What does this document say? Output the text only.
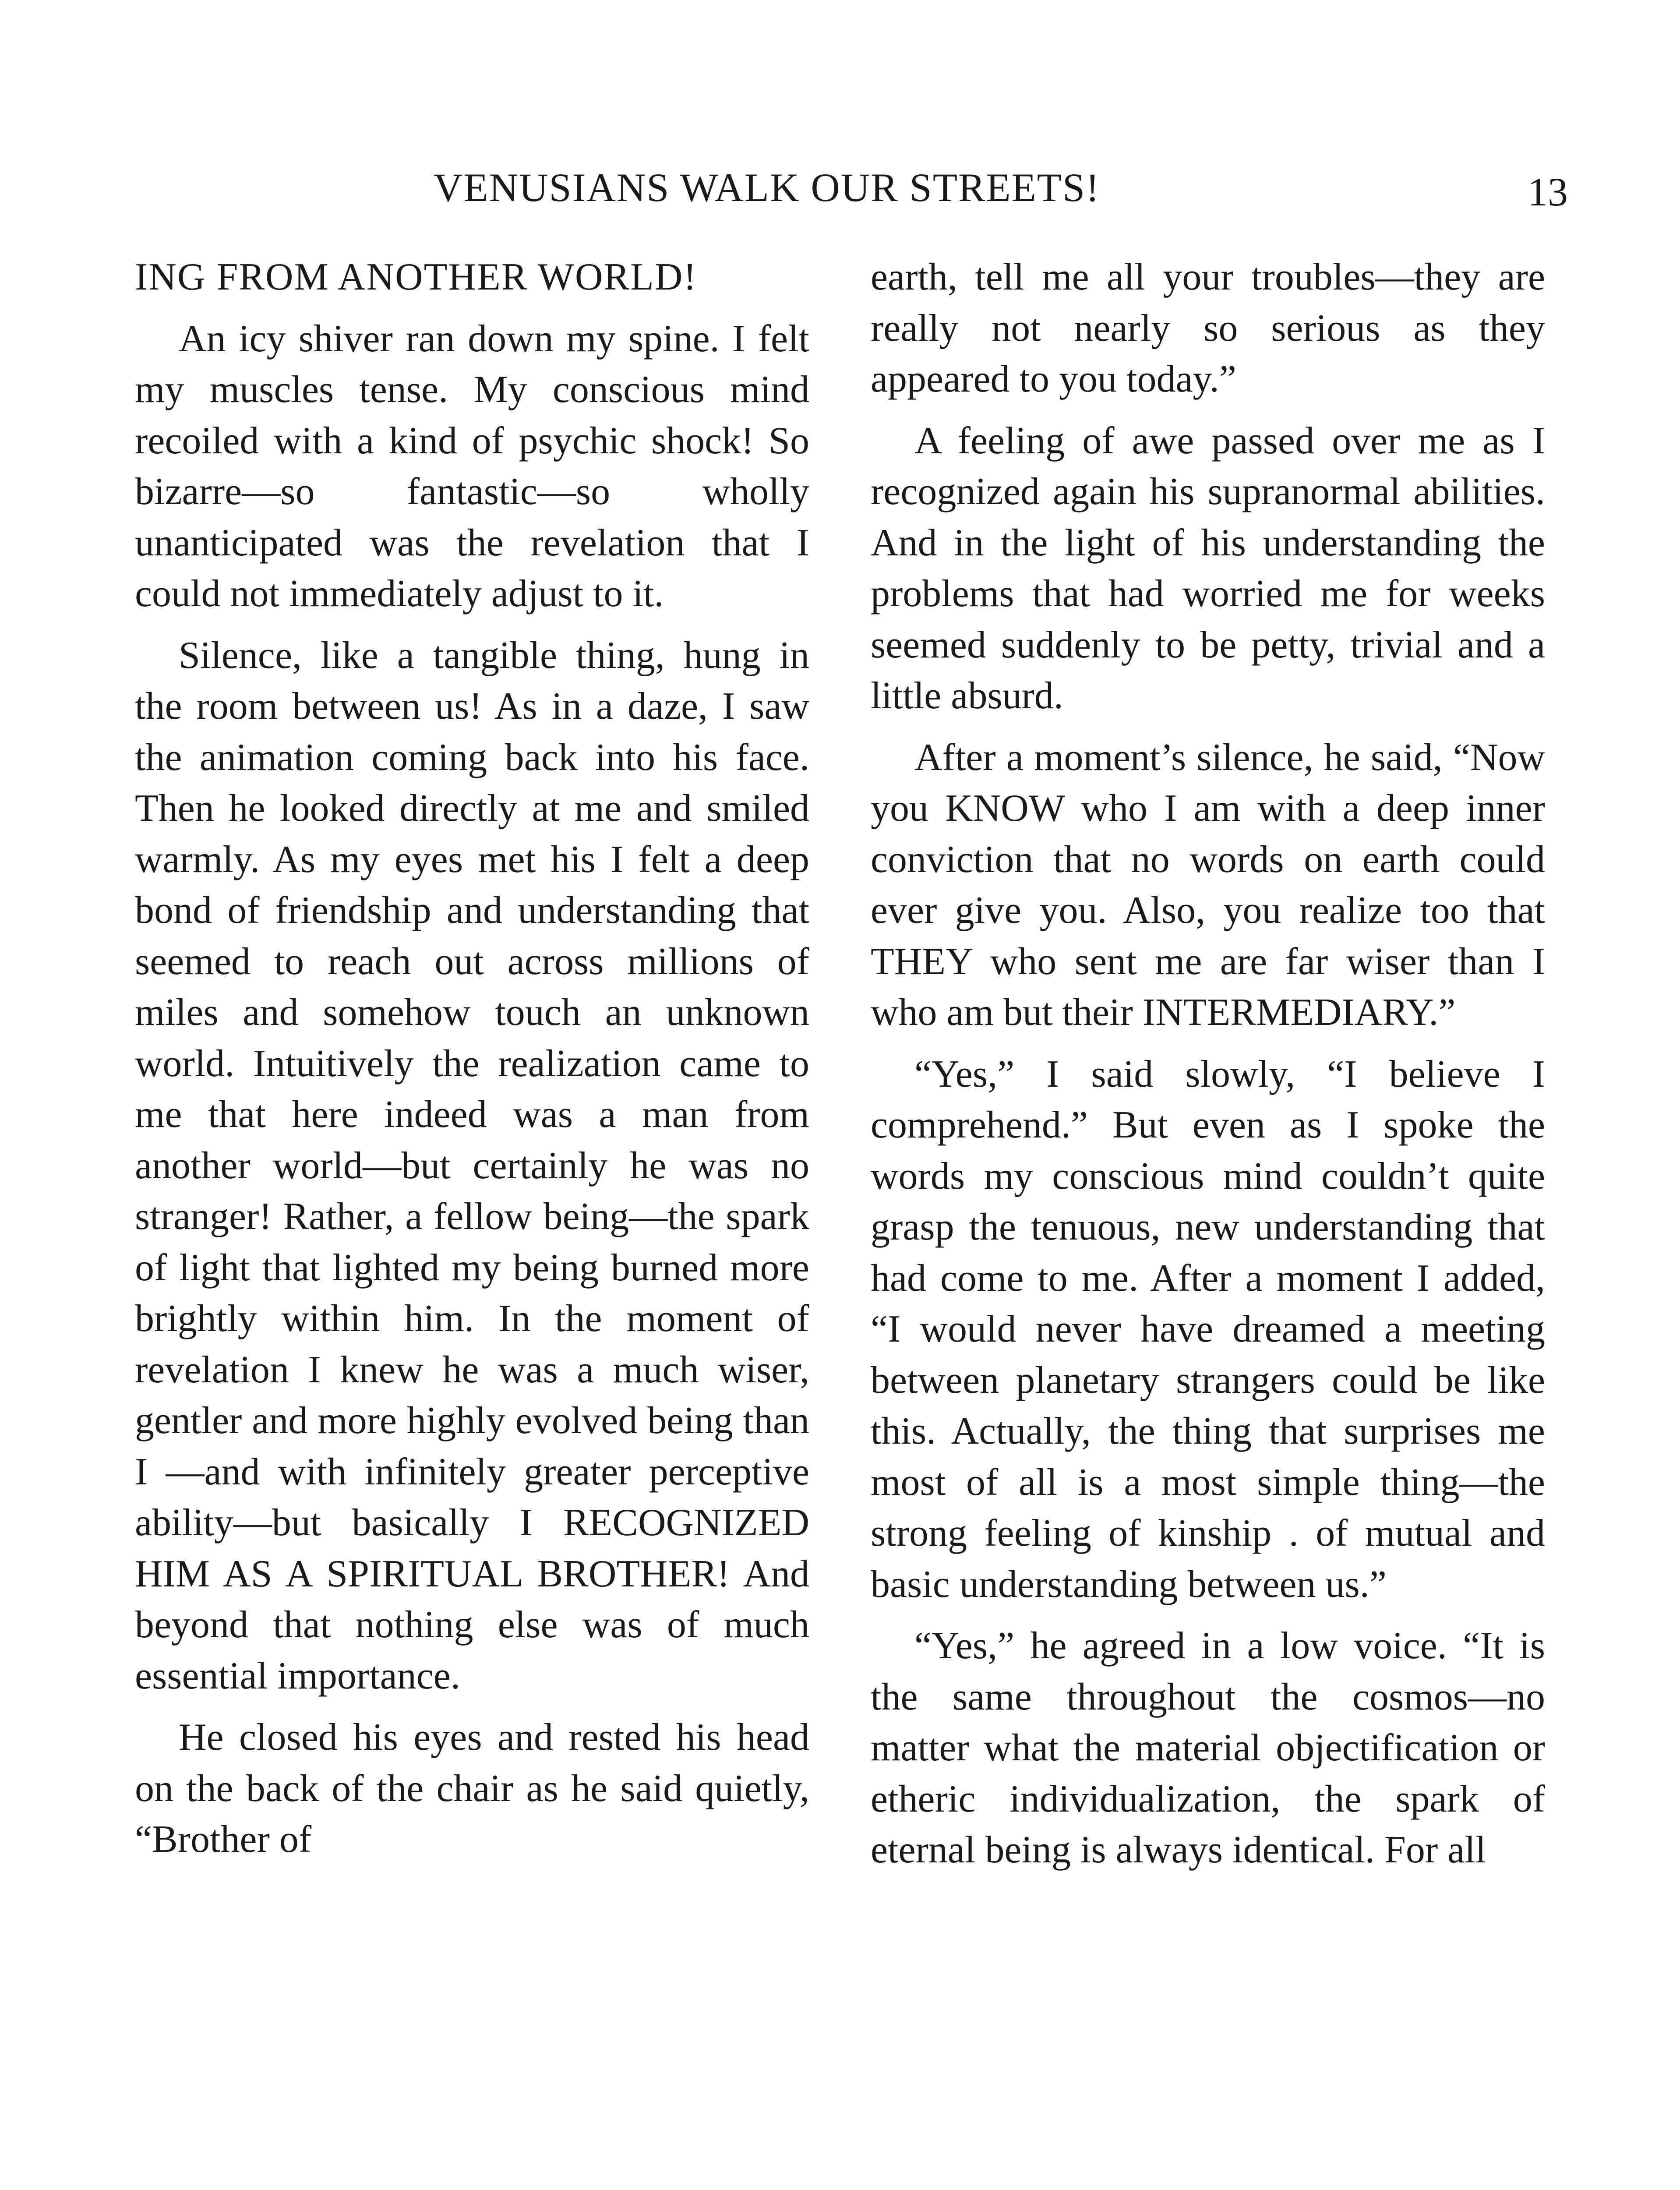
VENUSIANS WALK OUR STREETS!	13

ING FROM ANOTHER WORLD!

An icy shiver ran down my spine. I felt my muscles tense. My conscious mind recoiled with a kind of psychic shock! So bizarre—so fantastic—so wholly unanticipated was the revelation that I could not immediately adjust to it.

Silence, like a tangible thing, hung in the room between us! As in a daze, I saw the animation coming back into his face. Then he looked directly at me and smiled warmly. As my eyes met his I felt a deep bond of friendship and understanding that seemed to reach out across millions of miles and somehow touch an unknown world. Intuitively the realization came to me that here indeed was a man from another world—but certainly he was no stranger! Rather, a fellow being—the spark of light that lighted my being burned more brightly within him. In the moment of revelation I knew he was a much wiser, gentler and more highly evolved being than I —and with infinitely greater perceptive ability—but basically I RECOGNIZED HIM AS A SPIRITUAL BROTHER! And beyond that nothing else was of much essential importance.

He closed his eyes and rested his head on the back of the chair as he said quietly, “Brother of

earth, tell me all your troubles—they are really not nearly so serious as they appeared to you today.”

A feeling of awe passed over me as I recognized again his supranormal abilities. And in the light of his understanding the problems that had worried me for weeks seemed suddenly to be petty, trivial and a little absurd.

After a moment’s silence, he said, “Now you KNOW who I am with a deep inner conviction that no words on earth could ever give you. Also, you realize too that THEY who sent me are far wiser than I who am but their INTERMEDIARY.”

“Yes,” I said slowly, “I believe I comprehend.” But even as I spoke the words my conscious mind couldn’t quite grasp the tenuous, new understanding that had come to me. After a moment I added, “I would never have dreamed a meeting between planetary strangers could be like this. Actually, the thing that surprises me most of all is a most simple thing—the strong feeling of kinship . of mutual and basic understanding between us.”

“Yes,” he agreed in a low voice. “It is the same throughout the cosmos—no matter what the material objectification or etheric individualization, the spark of eternal being is always identical. For all
